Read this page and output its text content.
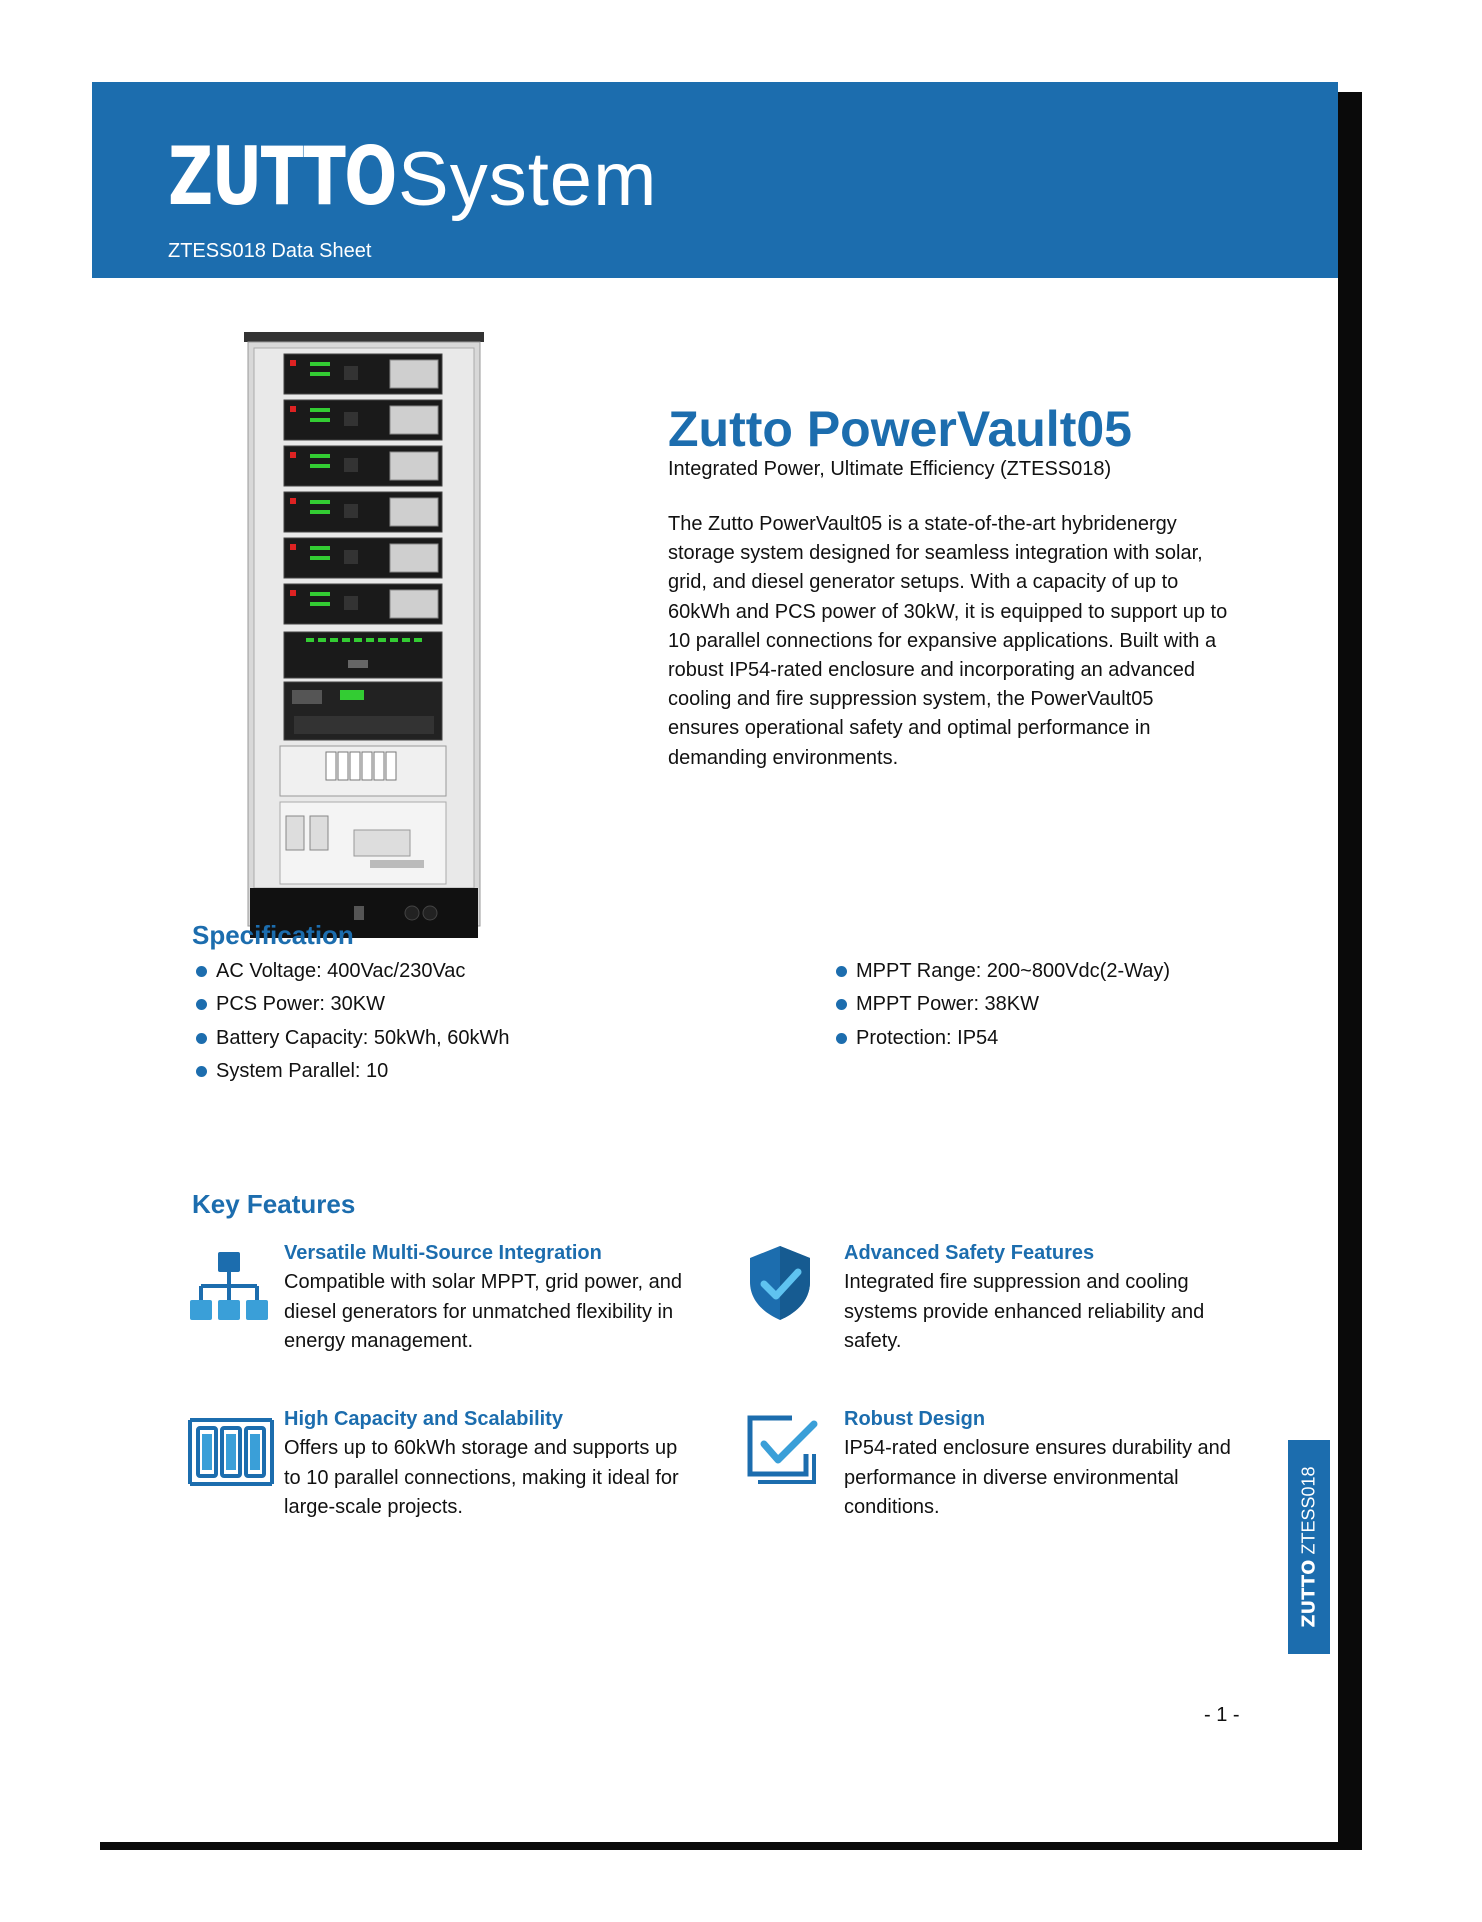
ZUTTO System
ZTESS018 Data Sheet
Zutto PowerVault05
Integrated Power, Ultimate Efficiency (ZTESS018)
The Zutto PowerVault05 is a state-of-the-art hybridenergy storage system designed for seamless integration with solar, grid, and diesel generator setups. With a capacity of up to 60kWh and PCS power of 30kW, it is equipped to support up to 10 parallel connections for expansive applications. Built with a robust IP54-rated enclosure and incorporating an advanced cooling and fire suppression system, the PowerVault05 ensures operational safety and optimal performance in demanding environments.
Specification
AC Voltage: 400Vac/230Vac
PCS Power: 30KW
Battery Capacity: 50kWh, 60kWh
System Parallel: 10
MPPT Range: 200~800Vdc(2-Way)
MPPT Power: 38KW
Protection: IP54
Key Features
Versatile Multi-Source Integration
Compatible with solar MPPT, grid power, and diesel generators for unmatched flexibility in energy management.
Advanced Safety Features
Integrated fire suppression and cooling systems provide enhanced reliability and safety.
High Capacity and Scalability
Offers up to 60kWh storage and supports up to 10 parallel connections, making it ideal for large-scale projects.
Robust Design
IP54-rated enclosure ensures durability and performance in diverse environmental conditions.
ZUTTO ZTESS018
- 1 -
